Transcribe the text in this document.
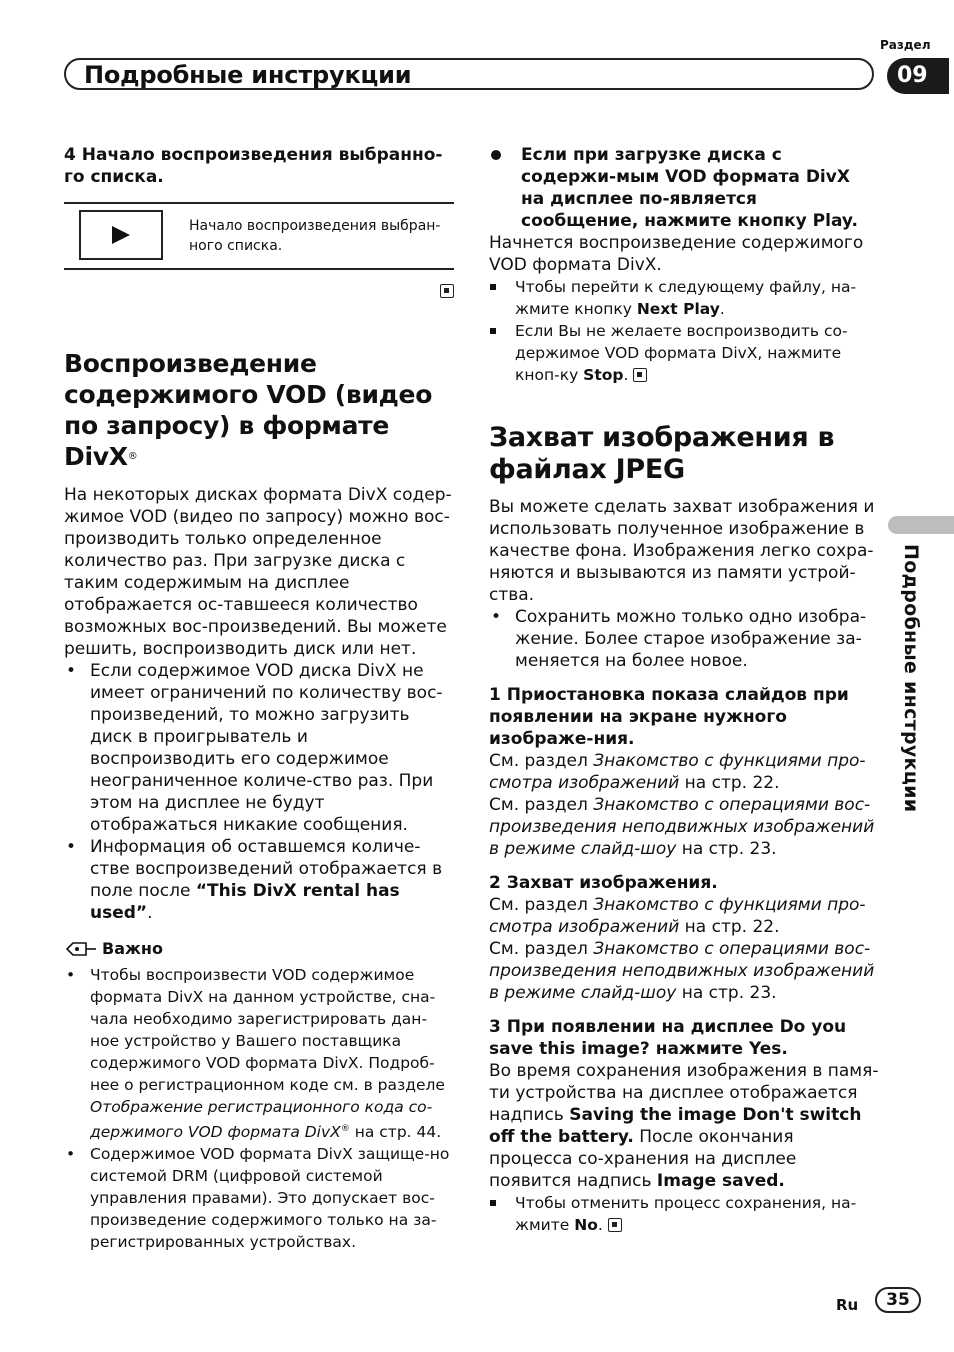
Подробные инструкции
Раздел
09
Подробные инструкции

4 Начало воспроизведения выбранно-го списка.

Начало воспроизведения выбран-ного списка.
Воспроизведение содержимого VOD (видео по запросу) в формате DivX®

На некоторых дисках формата DivX содер-жимое VOD (видео по запросу) можно вос-производить только определенное количество раз. При загрузке диска с таким содержимым на дисплее отображается ос-тавшееся количество возможных вос-произведений. Вы можете решить, воспроизводить диск или нет.

• Если содержимое VOD диска DivX не имеет ограничений по количеству вос-произведений, то можно загрузить диск в проигрыватель и воспроизводить его содержимое неограниченное количе-ство раз. При этом на дисплее не будут отображаться никакие сообщения.
• Информация об оставшемся количе-стве воспроизведений отображается в поле после “This DivX rental has used”.
Важно
• Чтобы воспроизвести VOD содержимое формата DivX на данном устройстве, сна-чала необходимо зарегистрировать дан-ное устройство у Вашего поставщика содержимого VOD формата DivX. Подроб-нее о регистрационном коде см. в разделе Отображение регистрационного кода со-держимого VOD формата DivX® на стр. 44.
• Содержимое VOD формата DivX защище-но системой DRM (цифровой системой управления правами). Это допускает вос-произведение содержимого только на за-регистрированных устройствах.

Если при загрузке диска с содержи-мым VOD формата DivX на дисплее по-является сообщение, нажмите кнопку Play.

Начнется воспроизведение содержимого VOD формата DivX.

Чтобы перейти к следующему файлу, на-жмите кнопку Next Play.
Если Вы не желаете воспроизводить со-держимое VOD формата DivX, нажмите кноп-ку Stop.
Захват изображения в файлах JPEG

Вы можете сделать захват изображения и использовать полученное изображение в качестве фона. Изображения легко сохра-няются и вызываются из памяти устрой-ства.

• Сохранить можно только одно изобра-жение. Более старое изображение за-меняется на более новое.

1 Приостановка показа слайдов при появлении на экране нужного изображе-ния.

См. раздел Знакомство с функциями про-смотра изображений на стр. 22.

См. раздел Знакомство с операциями вос-произведения неподвижных изображений в режиме слайд-шоу на стр. 23.

2 Захват изображения.

См. раздел Знакомство с функциями про-смотра изображений на стр. 22.

См. раздел Знакомство с операциями вос-произведения неподвижных изображений в режиме слайд-шоу на стр. 23.

3 При появлении на дисплее Do you save this image? нажмите Yes.

Во время сохранения изображения в памя-ти устройства на дисплее отображается надпись Saving the image Don't switch off the battery. После окончания процесса со-хранения на дисплее появится надпись Image saved.

Чтобы отменить процесс сохранения, на-жмите No.
Ru	35
